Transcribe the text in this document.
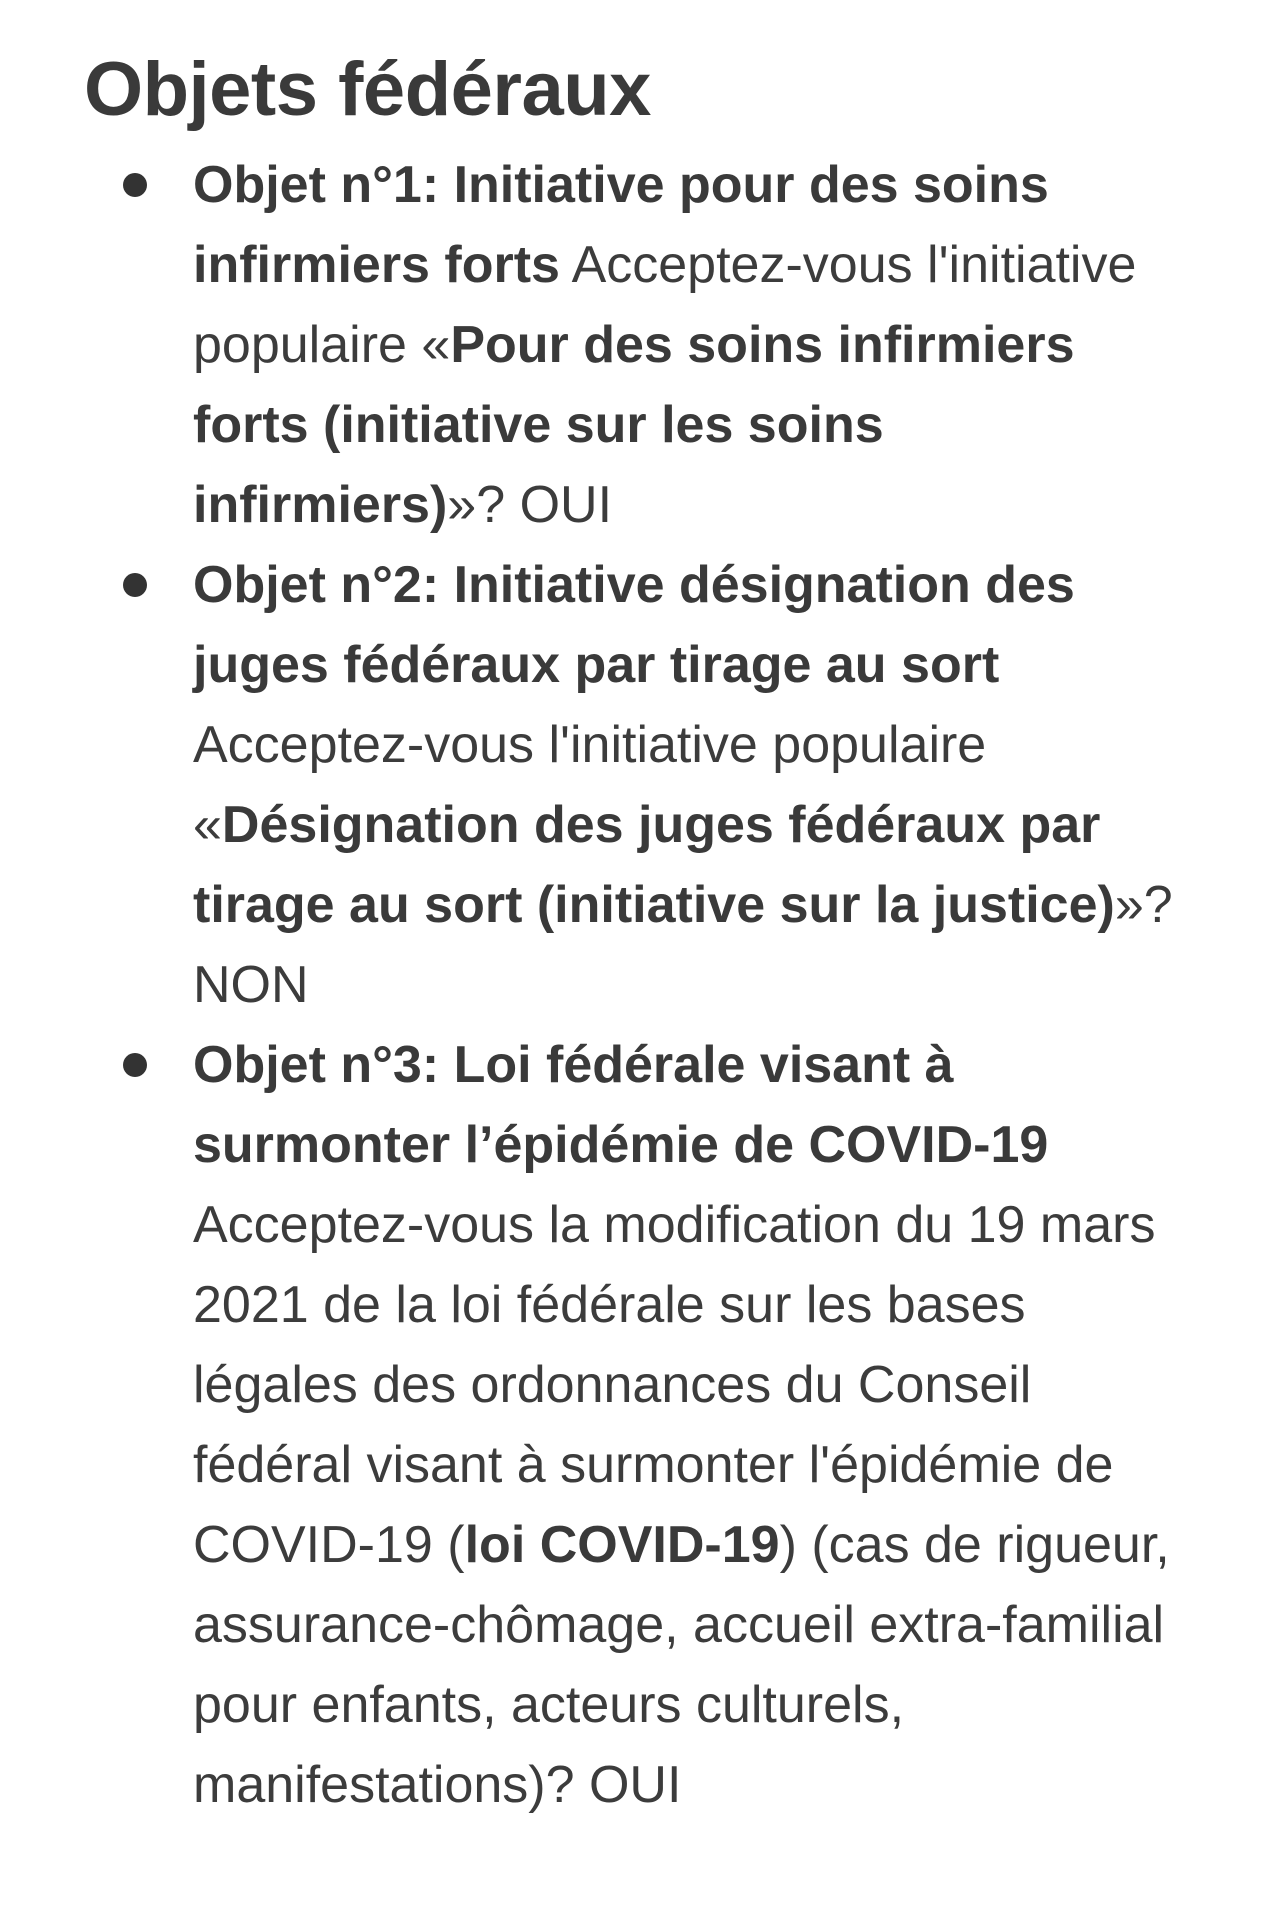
Objets fédéraux
Objet n°1: Initiative pour des soins infirmiers forts Acceptez-vous l'initiative populaire «Pour des soins infirmiers forts (initiative sur les soins infirmiers)»? OUI
Objet n°2: Initiative désignation des juges fédéraux par tirage au sort Acceptez-vous l'initiative populaire «Désignation des juges fédéraux par tirage au sort (initiative sur la justice)»? NON
Objet n°3: Loi fédérale visant à surmonter l’épidémie de COVID-19 Acceptez-vous la modification du 19 mars 2021 de la loi fédérale sur les bases légales des ordonnances du Conseil fédéral visant à surmonter l'épidémie de COVID-19 (loi COVID-19) (cas de rigueur, assurance-chômage, accueil extra-familial pour enfants, acteurs culturels, manifestations)? OUI
